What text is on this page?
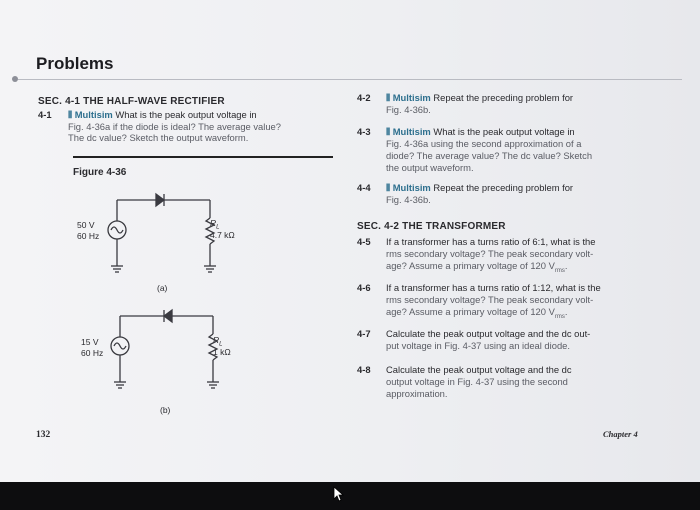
Problems
SEC. 4-1 THE HALF-WAVE RECTIFIER
4-1 ⦀ Multisim What is the peak output voltage in
Fig. 4-36a if the diode is ideal? The average value?
The dc value? Sketch the output waveform.
Figure 4-36
50 V
60 Hz
$R_L$
4.7 kΩ
(a)
15 V
60 Hz
$R_L$
1 kΩ
(b)
4-2 ⦀ Multisim Repeat the preceding problem for
Fig. 4-36b.
4-3 ⦀ Multisim What is the peak output voltage in
Fig. 4-36a using the second approximation of a
diode? The average value? The dc value? Sketch
the output waveform.
4-4 ⦀ Multisim Repeat the preceding problem for
Fig. 4-36b.
SEC. 4-2 THE TRANSFORMER
4-5 If a transformer has a turns ratio of 6:1, what is the
rms secondary voltage? The peak secondary volt-
age? Assume a primary voltage of 120 $V_{rms}$.
4-6 If a transformer has a turns ratio of 1:12, what is the
rms secondary voltage? The peak secondary volt-
age? Assume a primary voltage of 120 $V_{rms}$.
4-7 Calculate the peak output voltage and the dc out-
put voltage in Fig. 4-37 using an ideal diode.
4-8 Calculate the peak output voltage and the dc
output voltage in Fig. 4-37 using the second
approximation.
132	Chapter 4
